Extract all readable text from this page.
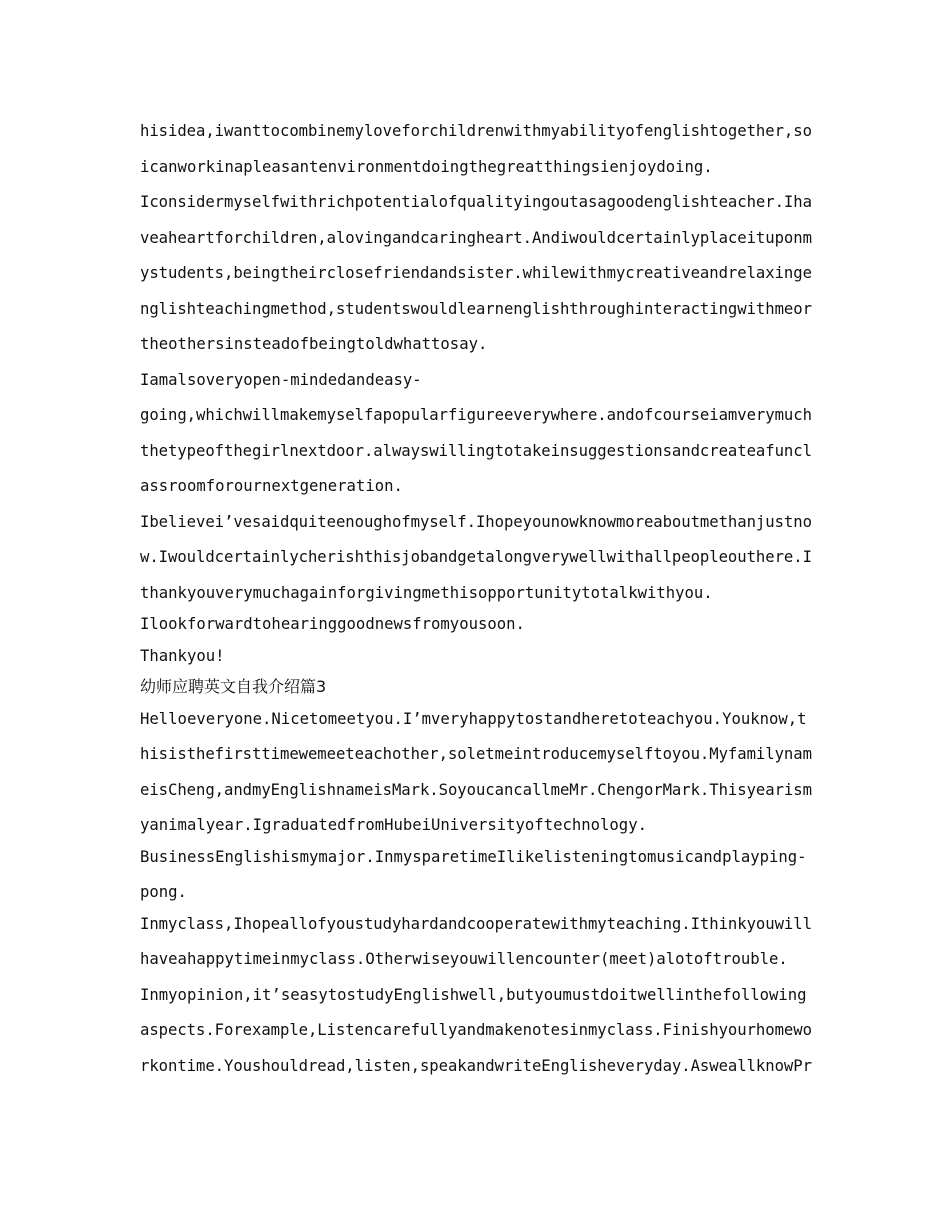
hisidea,iwanttocombinemyloveforchildrenwithmyabilityofenglishtogether,so
icanworkinapleasantenvironmentdoingthegreatthingsienjoydoing.
Iconsidermyselfwithrichpotentialofqualityingoutasagoodenglishteacher.Iha
veaheartforchildren,alovingandcaringheart.Andiwouldcertainlyplaceituponm
ystudents,beingtheirclosefriendandsister.whilewithmycreativeandrelaxinge
nglishteachingmethod,studentswouldlearnenglishthroughinteractingwithmeor
theothersinsteadofbeingtoldwhattosay.
Iamalsoveryopen-mindedandeasy-
going,whichwillmakemyselfapopularfigureeverywhere.andofcourseiamverymuch
thetypeofthegirlnextdoor.alwayswillingtotakeinsuggestionsandcreateafuncl
assroomforournextgeneration.
Ibelievei’vesaidquiteenoughofmyself.Ihopeyounowknowmoreaboutmethanjustno
w.Iwouldcertainlycherishthisjobandgetalongverywellwithallpeopleouthere.I
thankyouverymuchagainforgivingmethisopportunitytotalkwithyou.
Ilookforwardtohearinggoodnewsfromyousoon.
Thankyou!
幼师应聘英文自我介绍篇3
Helloeveryone.Nicetomeetyou.I’mveryhappytostandheretoteachyou.Youknow,t
hisisthefirsttimewemeeteachother,soletmeintroducemyselftoyou.Myfamilynam
eisCheng,andmyEnglishnameisMark.SoyoucancallmeMr.ChengorMark.Thisyearism
yanimalyear.IgraduatedfromHubeiUniversityoftechnology.
BusinessEnglishismymajor.InmysparetimeIlikelisteningtomusicandplayping-
pong.
Inmyclass,Ihopeallofyoustudyhardandcooperatewithmyteaching.Ithinkyouwill
haveahappytimeinmyclass.Otherwiseyouwillencounter(meet)alotoftrouble.
Inmyopinion,it’seasytostudyEnglishwell,butyoumustdoitwellinthefollowing
aspects.Forexample,Listencarefullyandmakenotesinmyclass.Finishyourhomewo
rkontime.Youshouldread,listen,speakandwriteEnglisheveryday.AsweallknowPr
